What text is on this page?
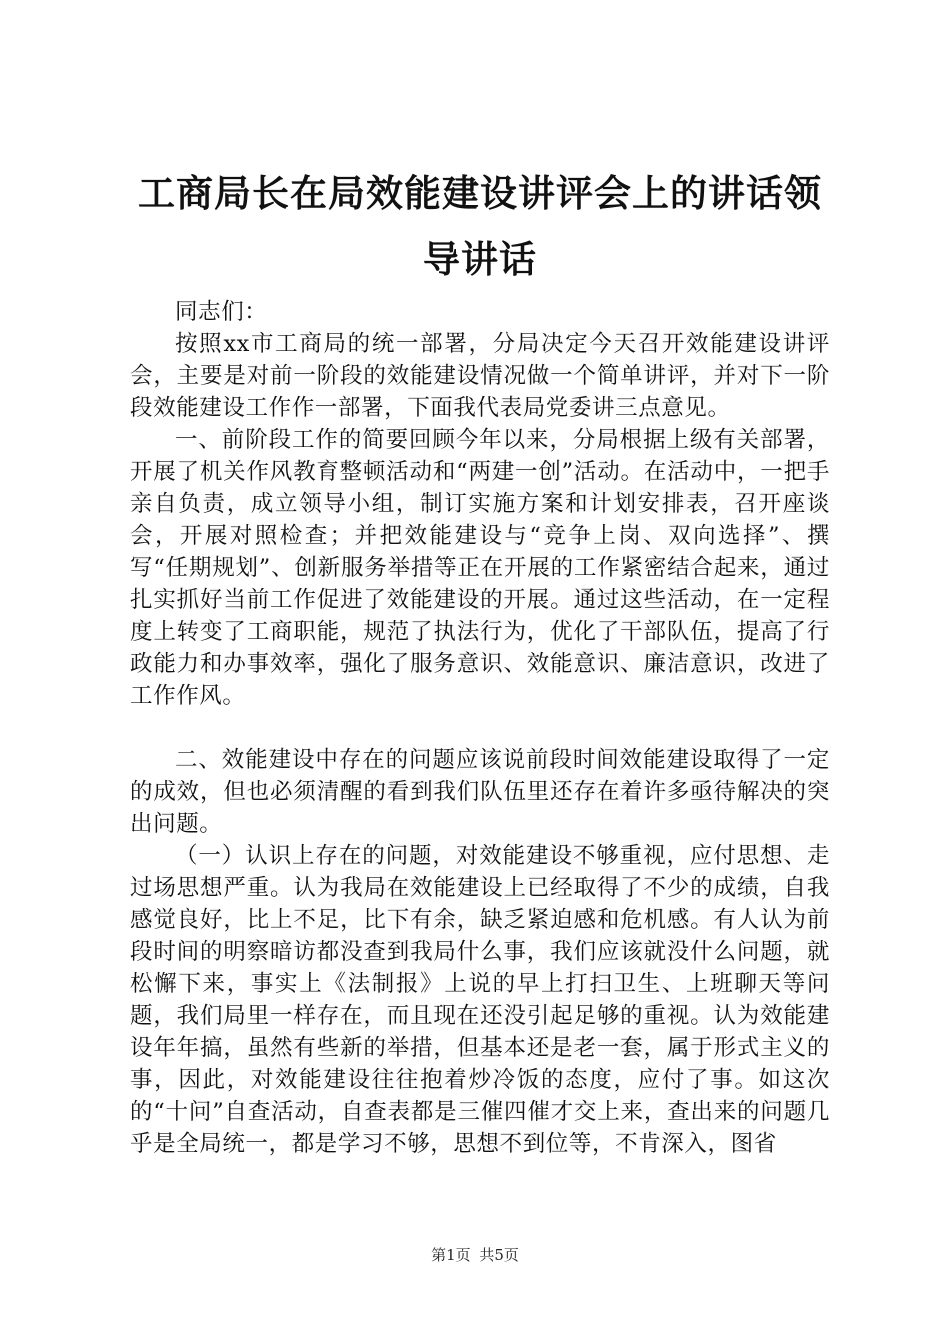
工商局长在局效能建设讲评会上的讲话领导讲话

同志们：

按照xx市工商局的统一部署，分局决定今天召开效能建设讲评会，主要是对前一阶段的效能建设情况做一个简单讲评，并对下一阶段效能建设工作作一部署，下面我代表局党委讲三点意见。

一、前阶段工作的简要回顾今年以来，分局根据上级有关部署，开展了机关作风教育整顿活动和“两建一创”活动。在活动中，一把手亲自负责，成立领导小组，制订实施方案和计划安排表，召开座谈会，开展对照检查；并把效能建设与“竞争上岗、双向选择”、撰写“任期规划”、创新服务举措等正在开展的工作紧密结合起来，通过扎实抓好当前工作促进了效能建设的开展。通过这些活动，在一定程度上转变了工商职能，规范了执法行为，优化了干部队伍，提高了行政能力和办事效率，强化了服务意识、效能意识、廉洁意识，改进了工作作风。

二、效能建设中存在的问题应该说前段时间效能建设取得了一定的成效，但也必须清醒的看到我们队伍里还存在着许多亟待解决的突出问题。

（一）认识上存在的问题，对效能建设不够重视，应付思想、走过场思想严重。认为我局在效能建设上已经取得了不少的成绩，自我感觉良好，比上不足，比下有余，缺乏紧迫感和危机感。有人认为前段时间的明察暗访都没查到我局什么事，我们应该就没什么问题，就松懈下来，事实上《法制报》上说的早上打扫卫生、上班聊天等问题，我们局里一样存在，而且现在还没引起足够的重视。认为效能建设年年搞，虽然有些新的举措，但基本还是老一套，属于形式主义的事，因此，对效能建设往往抱着炒冷饭的态度，应付了事。如这次的“十问”自查活动，自查表都是三催四催才交上来，查出来的问题几乎是全局统一，都是学习不够，思想不到位等，不肯深入，图省

第1页 共5页
